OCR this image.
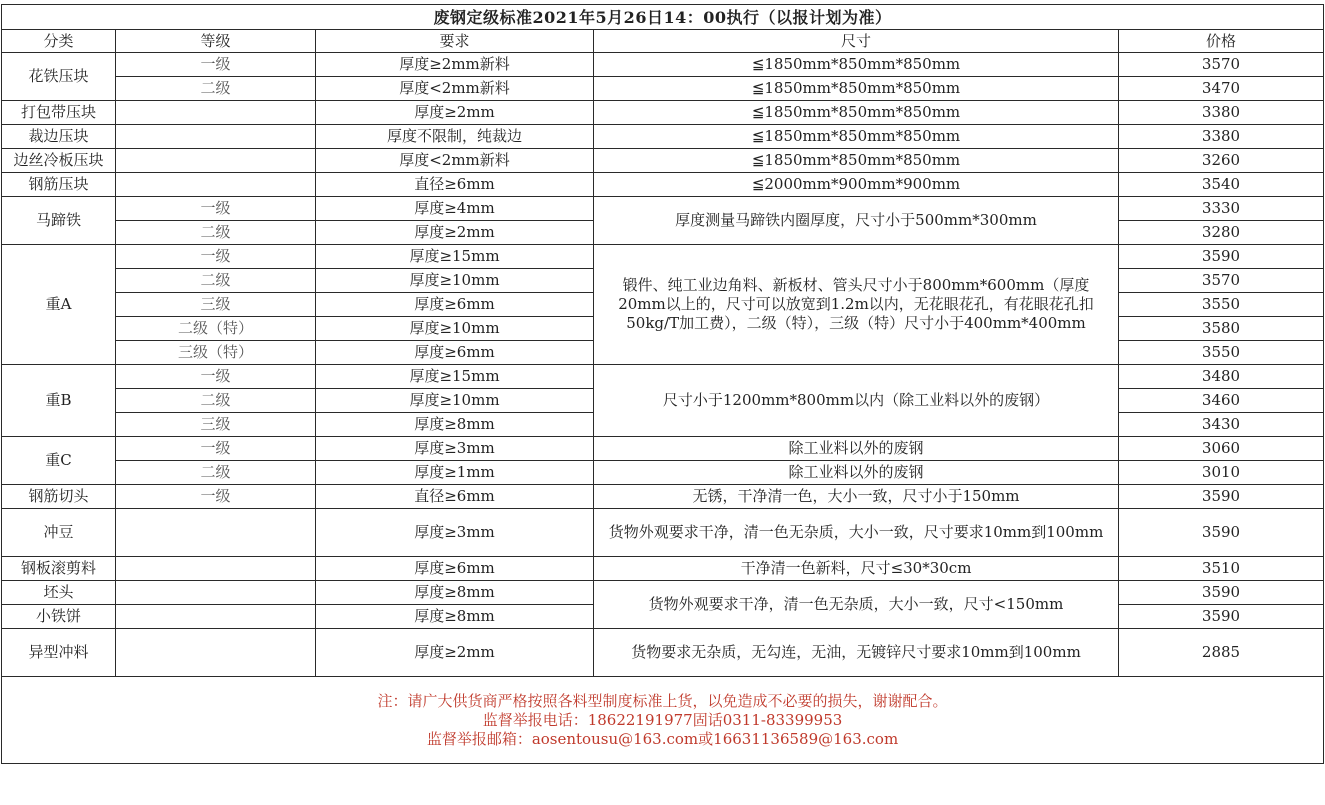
废钢定级标准2021年5月26日14：00执行（以报计划为准）				
分类	等级	要求	尺寸	价格
花铁压块	一级	厚度≥2mm新料	≦1850mm*850mm*850mm	3570
	二级	厚度<2mm新料	≦1850mm*850mm*850mm	3470
打包带压块		厚度≥2mm	≦1850mm*850mm*850mm	3380
裁边压块		厚度不限制，纯裁边	≦1850mm*850mm*850mm	3380
边丝冷板压块		厚度<2mm新料	≦1850mm*850mm*850mm	3260
钢筋压块		直径≥6mm	≦2000mm*900mm*900mm	3540
马蹄铁	一级	厚度≥4mm	厚度测量马蹄铁内圈厚度，尺寸小于500mm*300mm	3330
	二级	厚度≥2mm		3280
重A	一级	厚度≥15mm	锻件、纯工业边角料、新板材、管头尺寸小于800mm*600mm（厚度20mm以上的，尺寸可以放宽到1.2m以内，无花眼花孔，有花眼花孔扣50kg/T加工费），二级（特），三级（特）尺寸小于400mm*400mm	3590
	二级	厚度≥10mm		3570
	三级	厚度≥6mm		3550
	二级（特）	厚度≥10mm		3580
	三级（特）	厚度≥6mm		3550
重B	一级	厚度≥15mm	尺寸小于1200mm*800mm以内（除工业料以外的废钢）	3480
	二级	厚度≥10mm		3460
	三级	厚度≥8mm		3430
重C	一级	厚度≥3mm	除工业料以外的废钢	3060
	二级	厚度≥1mm	除工业料以外的废钢	3010
钢筋切头	一级	直径≥6mm	无锈，干净清一色，大小一致，尺寸小于150mm	3590
冲豆		厚度≥3mm	货物外观要求干净，清一色无杂质，大小一致，尺寸要求10mm到100mm	3590
钢板滚剪料		厚度≥6mm	干净清一色新料，尺寸≤30*30cm	3510
坯头		厚度≥8mm	货物外观要求干净，清一色无杂质，大小一致，尺寸<150mm	3590
小铁饼		厚度≥8mm		3590
异型冲料		厚度≥2mm	货物要求无杂质，无勾连，无油，无镀锌尺寸要求10mm到100mm	2885

注：请广大供货商严格按照各料型制度标准上货，以免造成不必要的损失，谢谢配合。
监督举报电话：18622191977固话0311-83399953
监督举报邮箱：aosentousu@163.com或16631136589@163.com				
